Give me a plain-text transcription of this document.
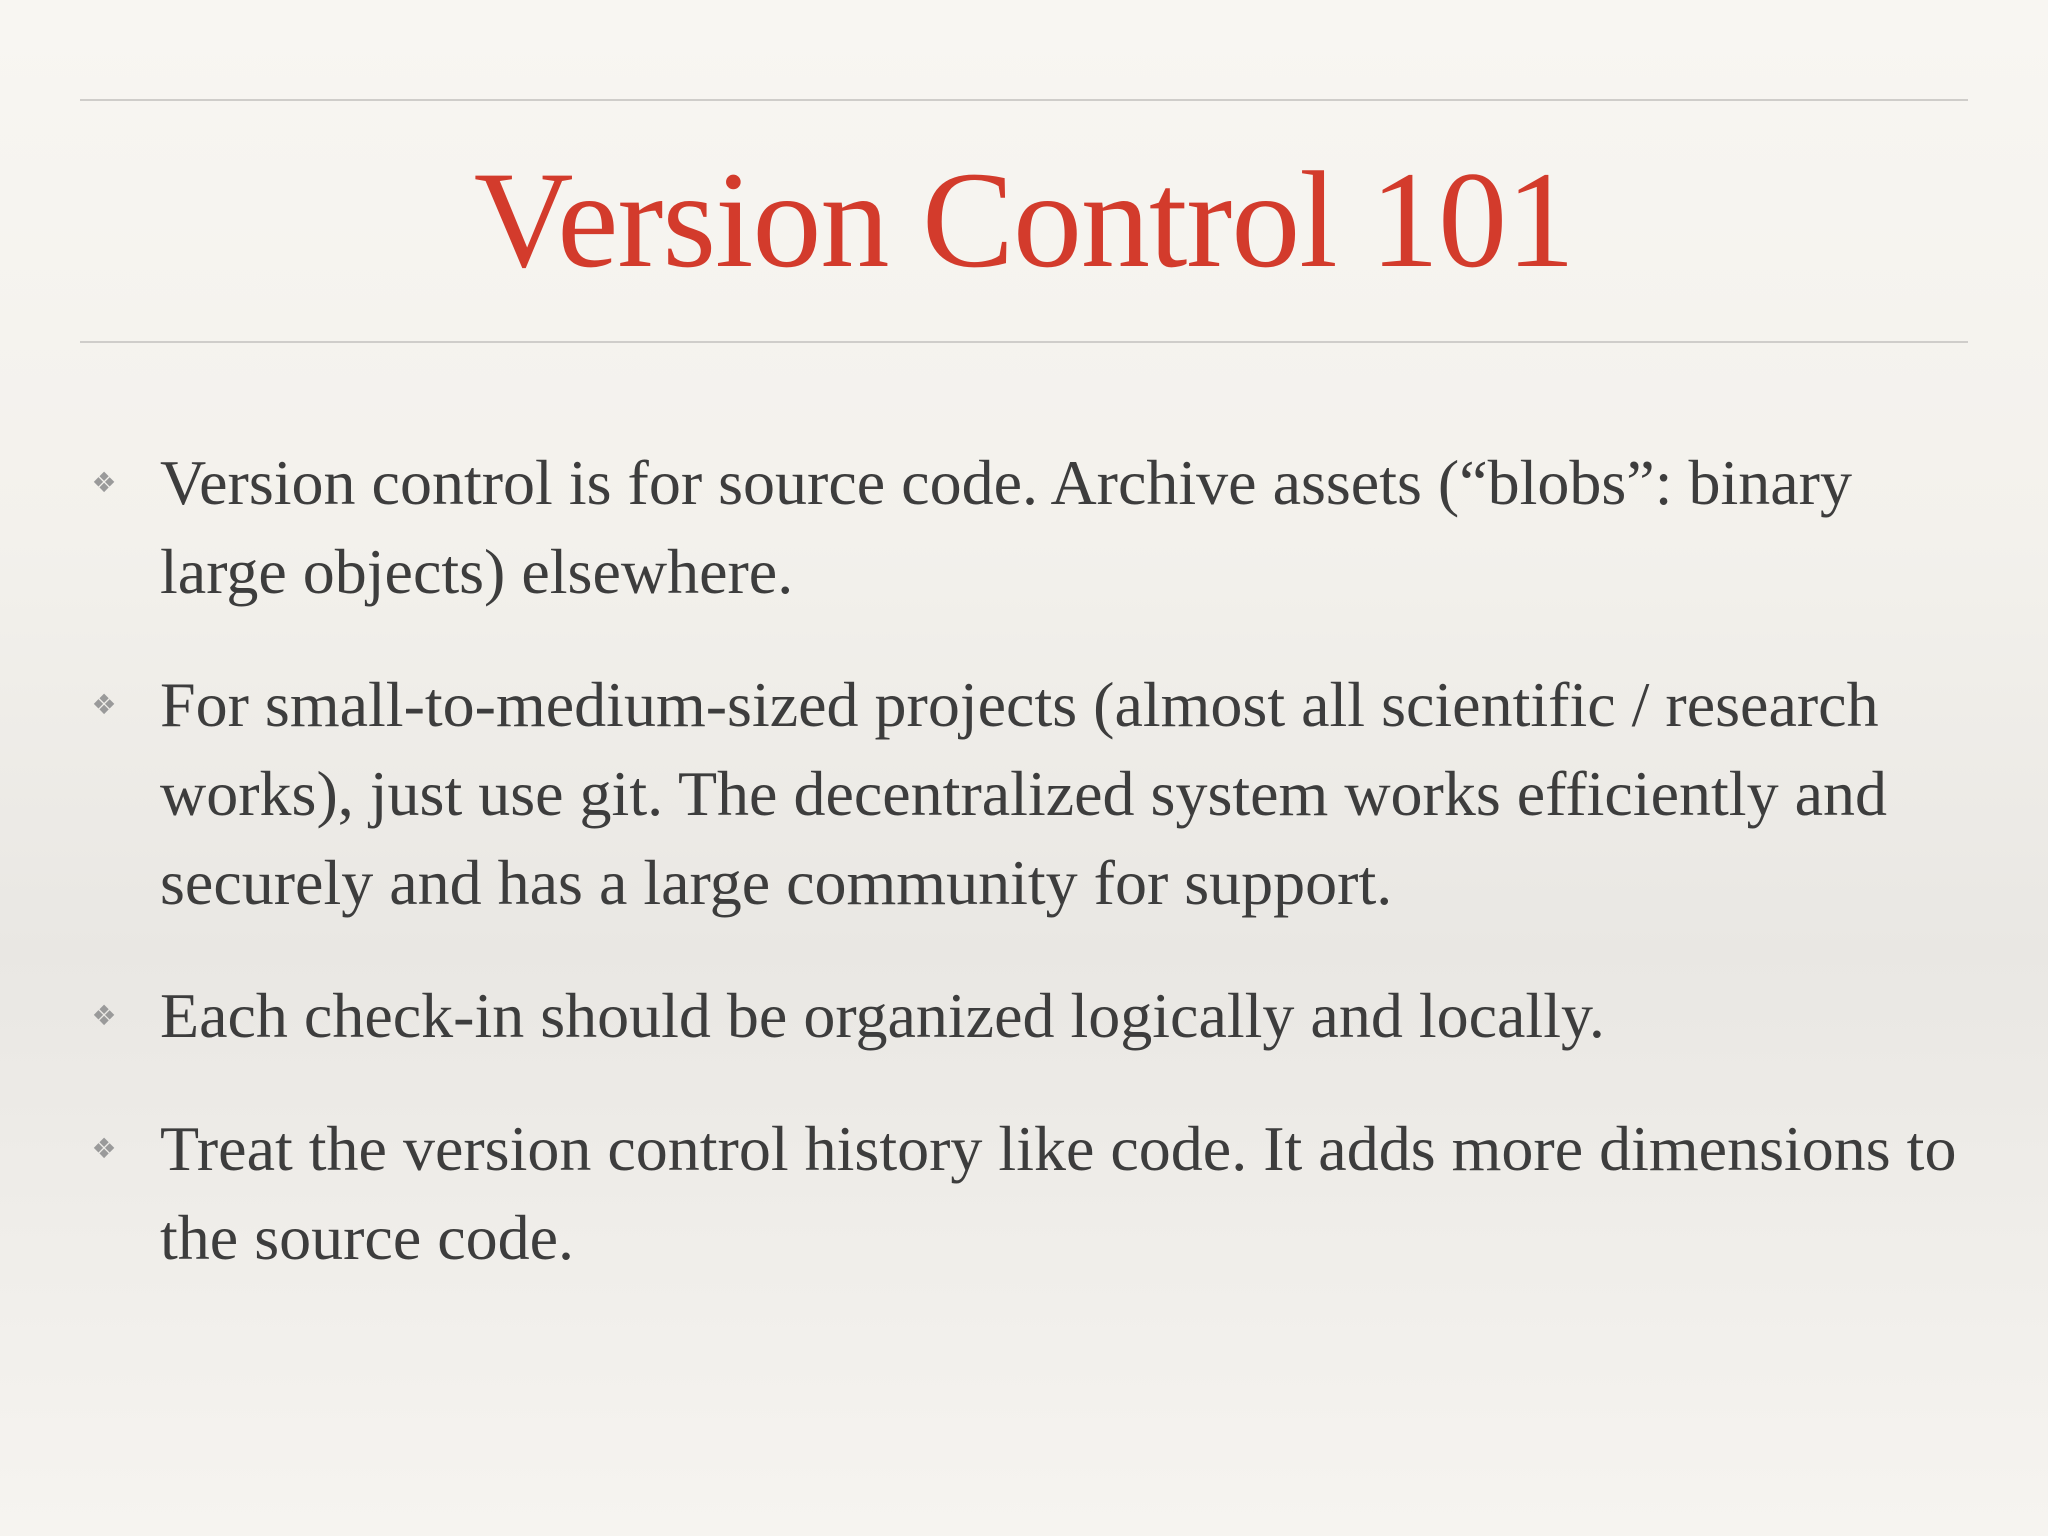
Version Control 101
❖ Version control is for source code. Archive assets (“blobs”: binary large objects) elsewhere.
❖ For small-to-medium-sized projects (almost all scientific / research works), just use git. The decentralized system works efficiently and securely and has a large community for support.
❖ Each check-in should be organized logically and locally.
❖ Treat the version control history like code. It adds more dimensions to the source code.
